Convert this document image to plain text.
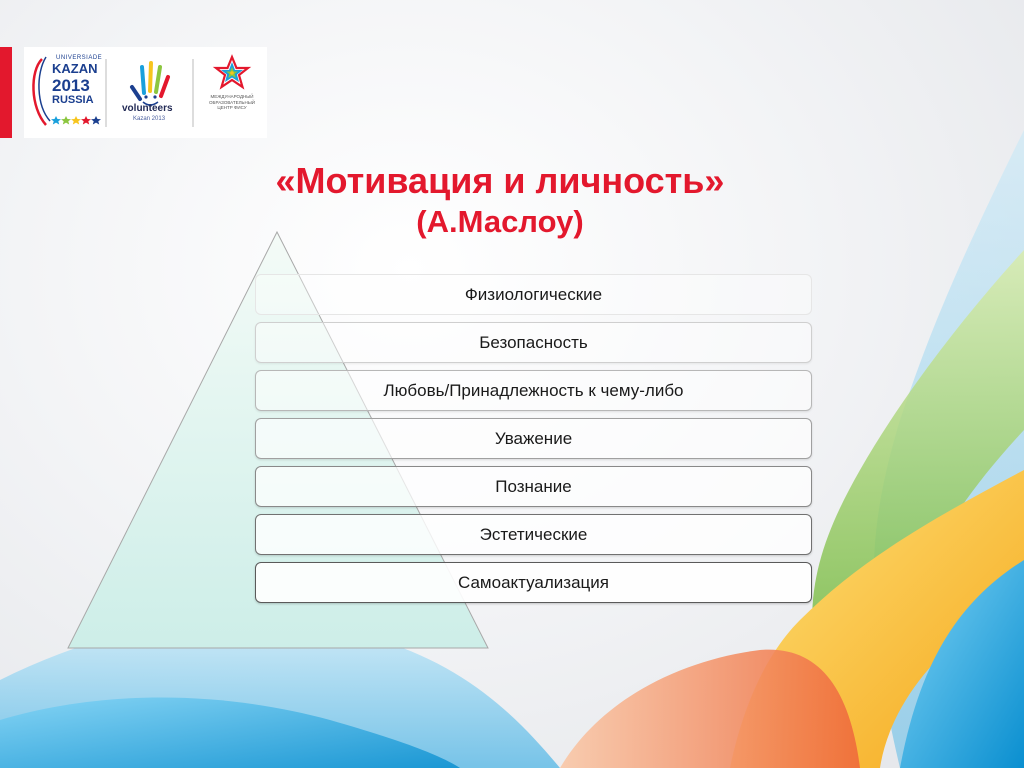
UNIVERSIADE
KAZAN
2013
RUSSIA
volunteers
Kazan 2013
МЕЖДУНАРОДНЫЙ ОБРАЗОВАТЕЛЬНЫЙ ЦЕНТР ФИСУ
«Мотивация и личность»
(А.Маслоу)
Физиологические
Безопасность
Любовь/Принадлежность к чему-либо
Уважение
Познание
Эстетические
Самоактуализация
